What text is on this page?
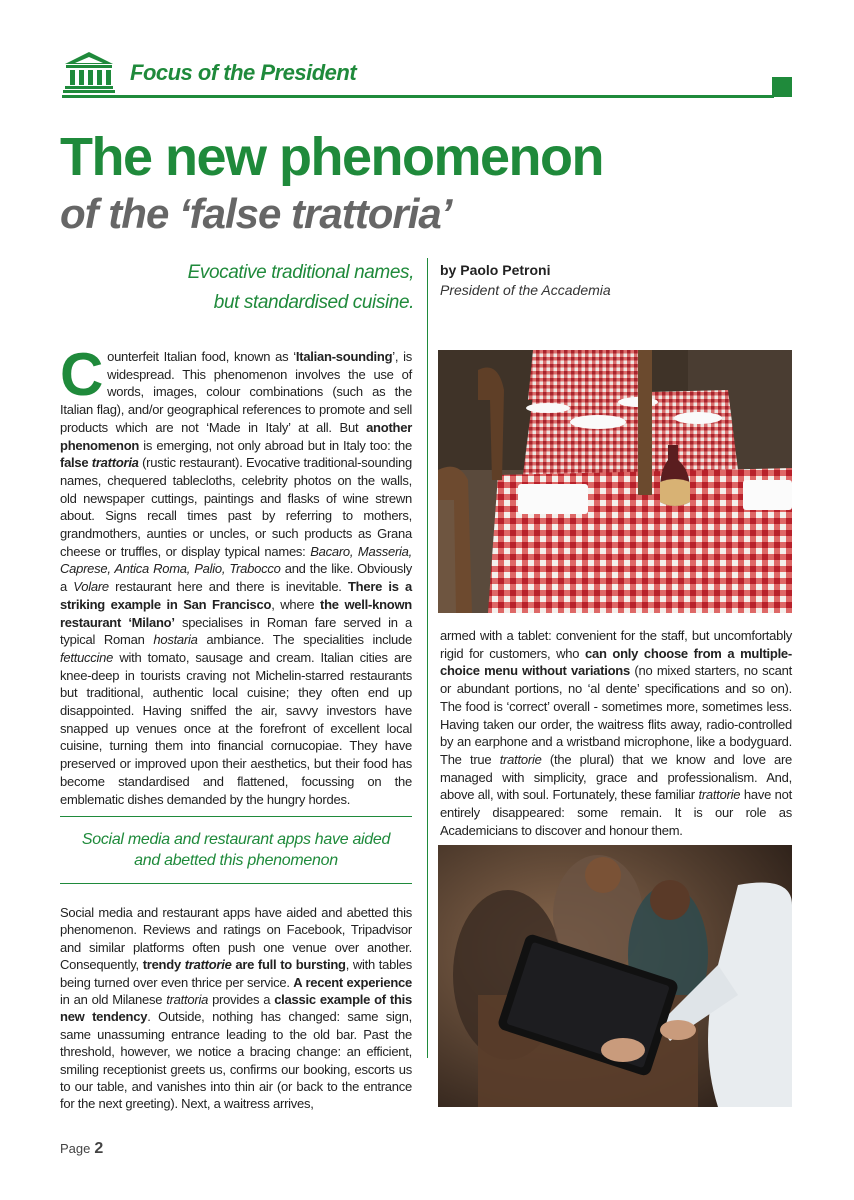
Focus of the President
The new phenomenon
of the ‘false trattoria’

Evocative traditional names,
but standardised cuisine.

by Paolo Petroni
President of the Accademia

Counterfeit Italian food, known as ‘Italian-sounding’, is widespread. This phenomenon involves the use of words, images, colour combinations (such as the Italian flag), and/or geographical references to promote and sell products which are not ‘Made in Italy’ at all. But another phenomenon is emerging, not only abroad but in Italy too: the false trattoria (rustic restaurant). Evocative traditional-sounding names, chequered tablecloths, celebrity photos on the walls, old newspaper cuttings, paintings and flasks of wine strewn about. Signs recall times past by referring to mothers, grandmothers, aunties or uncles, or such products as Grana cheese or truffles, or display typical names: Bacaro, Masseria, Caprese, Antica Roma, Palio, Trabocco and the like. Obviously a Volare restaurant here and there is inevitable. There is a striking example in San Francisco, where the well-known restaurant ‘Milano’ specialises in Roman fare served in a typical Roman hostaria ambiance. The specialities include fettuccine with tomato, sausage and cream. Italian cities are knee-deep in tourists craving not Michelin-starred restaurants but traditional, authentic local cuisine; they often end up disappointed. Having sniffed the air, savvy investors have snapped up venues once at the forefront of excellent local cuisine, turning them into financial cornucopiae. They have preserved or improved upon their aesthetics, but their food has become standardised and flattened, focussing on the emblematic dishes demanded by the hungry hordes.

Social media and restaurant apps have aided
and abetted this phenomenon

Social media and restaurant apps have aided and abetted this phenomenon. Reviews and ratings on Facebook, Tripadvisor and similar platforms often push one venue over another. Consequently, trendy trattorie are full to bursting, with tables being turned over even thrice per service. A recent experience in an old Milanese trattoria provides a classic example of this new tendency. Outside, nothing has changed: same sign, same unassuming entrance leading to the old bar. Past the threshold, however, we notice a bracing change: an efficient, smiling receptionist greets us, confirms our booking, escorts us to our table, and vanishes into thin air (or back to the entrance for the next greeting). Next, a waitress arrives,

armed with a tablet: convenient for the staff, but uncomfortably rigid for customers, who can only choose from a multiple-choice menu without variations (no mixed starters, no scant or abundant portions, no ‘al dente’ specifications and so on). The food is ‘correct’ overall - sometimes more, sometimes less. Having taken our order, the waitress flits away, radio-controlled by an earphone and a wristband microphone, like a bodyguard. The true trattorie (the plural) that we know and love are managed with simplicity, grace and professionalism. And, above all, with soul. Fortunately, these familiar trattorie have not entirely disappeared: some remain. It is our role as Academicians to discover and honour them.

Page 2
